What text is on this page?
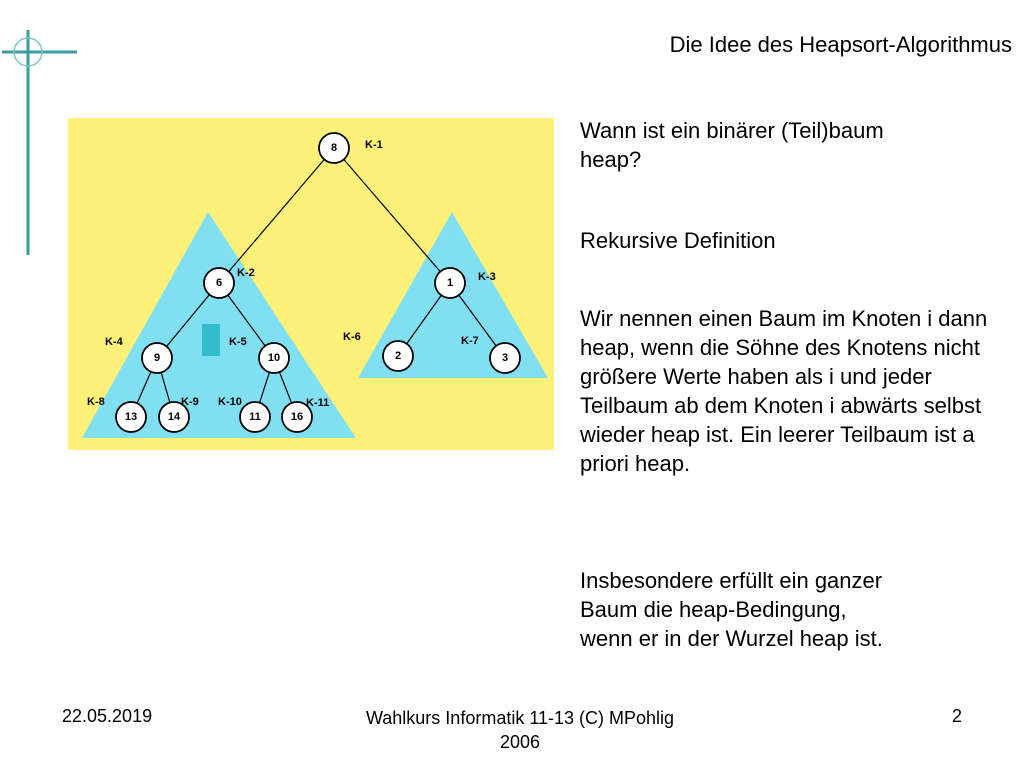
Die Idee des Heapsort-Algorithmus
8
6	1
9	10	2	3
13	14	11	16
K-1
K-2	K-3
K-4	K-5	K-6	K-7
K-8	K-9 K-10	K-11
Wann ist ein binärer (Teil)baum heap?
Rekursive Definition
Wir nennen einen Baum im Knoten i dann heap, wenn die Söhne des Knotens nicht größere Werte haben als i und jeder Teilbaum ab dem Knoten i abwärts selbst wieder heap ist. Ein leerer Teilbaum ist a priori heap.
Insbesondere erfüllt ein ganzer Baum die heap-Bedingung, wenn er in der Wurzel heap ist.
22.05.2019	Wahlkurs Informatik 11-13 (C) MPohlig 2006
2
